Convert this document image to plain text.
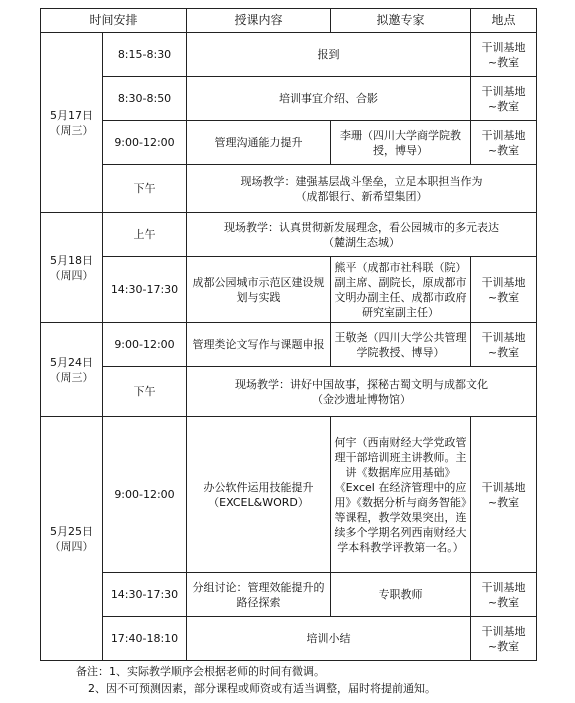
时间安排		授课内容	拟邀专家	地点
5月17日
（周三）	8:15-8:30	报到		干训基地
~教室
	8:30-8:50	培训事宜介绍、合影		干训基地
~教室
	9:00-12:00	管理沟通能力提升	李珊（四川大学商学院教授，博导）	干训基地
~教室
	下午	现场教学：建强基层战斗堡垒，立足本职担当作为
（成都银行、新希望集团）		
5月18日
（周四）	上午	现场教学：认真贯彻新发展理念，看公园城市的多元表达
（麓湖生态城）		
	14:30-17:30	成都公园城市示范区建设规划与实践	熊平（成都市社科联（院）副主席、副院长，原成都市文明办副主任、成都市政府研究室副主任）	干训基地
~教室
5月24日
（周三）	9:00-12:00	管理类论文写作与课题申报	王敬尧（四川大学公共管理学院教授、博导）	干训基地
~教室
	下午	现场教学：讲好中国故事，探秘古蜀文明与成都文化
（金沙遗址博物馆）		
5月25日
（周四）	9:00-12:00	办公软件运用技能提升
（EXCEL&WORD）	何宇（西南财经大学党政管理干部培训班主讲教师。主讲《数据库应用基础》《Excel 在经济管理中的应用》《数据分析与商务智能》等课程，教学效果突出，连续多个学期名列西南财经大学本科教学评教第一名。）	干训基地
~教室
	14:30-17:30	分组讨论：管理效能提升的路径探索	专职教师	干训基地
~教室
	17:40-18:10	培训小结		干训基地
~教室
备注：1、实际教学顺序会根据老师的时间有微调。
2、因不可预测因素，部分课程或师资或有适当调整，届时将提前通知。
